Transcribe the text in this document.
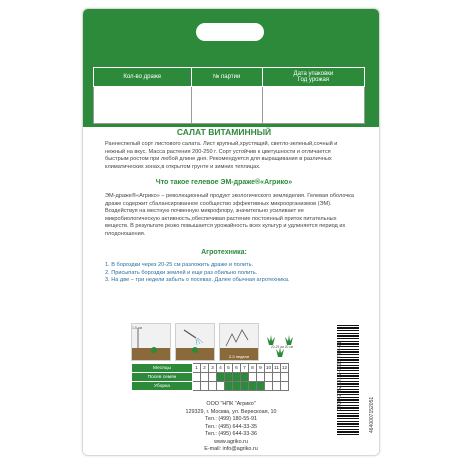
Кол-во драже	№ партии	Дата упаковки
Год урожая

САЛАТ ВИТАМИННЫЙ
Раннеспелый сорт листового салата. Лист крупный,хрустящий, светло-зеленый,сочный и нежный на вкус. Масса растения 200-250 г. Сорт устойчив к цветушности и отличается быстрым ростом при любой длине дня. Рекомендуется для выращивания в различных климатических зонах,в открытом грунте и зимних теплицах.
Что такое гелевое ЭМ-драже®«Агрико»
ЭМ-драже®«Агрико» – революционный продукт экологического земледелия. Гелевая оболочка драже содержит сбалансированное сообщество эффективных микроорганизмов (ЭМ). Воздействуя на местную почвенную микрофлору, значительно усиливает ее микробиологическую активность,обеспечивая растение постоянный приток питательных веществ. В результате резко повышается урожайность всех культур и удлиняется период их плодоношения.
Агротехника:
1. В бороздки через 20-25 см разложить драже и полить.
2. Присыпать бороздки землей и еще раз обильно полить.
3. На две – три недели забыть о посевах. Далее обычная агротехника.
1,5 см
2-3 недели
20-25 см 20 см
Месяцы	1	2	3	4	5	6	7	8	9	10	11	12
Посев семян												
Уборка													СТО 42752231-7-0005 T 04-21
4640007152051
ООО "НПК "Агрико"
129329, г. Москва, ул. Верескоая, 10
Тел.: (499) 180-55-91
Тел.: (495) 644-33-35
Тел.: (495) 644-33-36
www.agriko.ru
E-mail: info@agriko.ru
